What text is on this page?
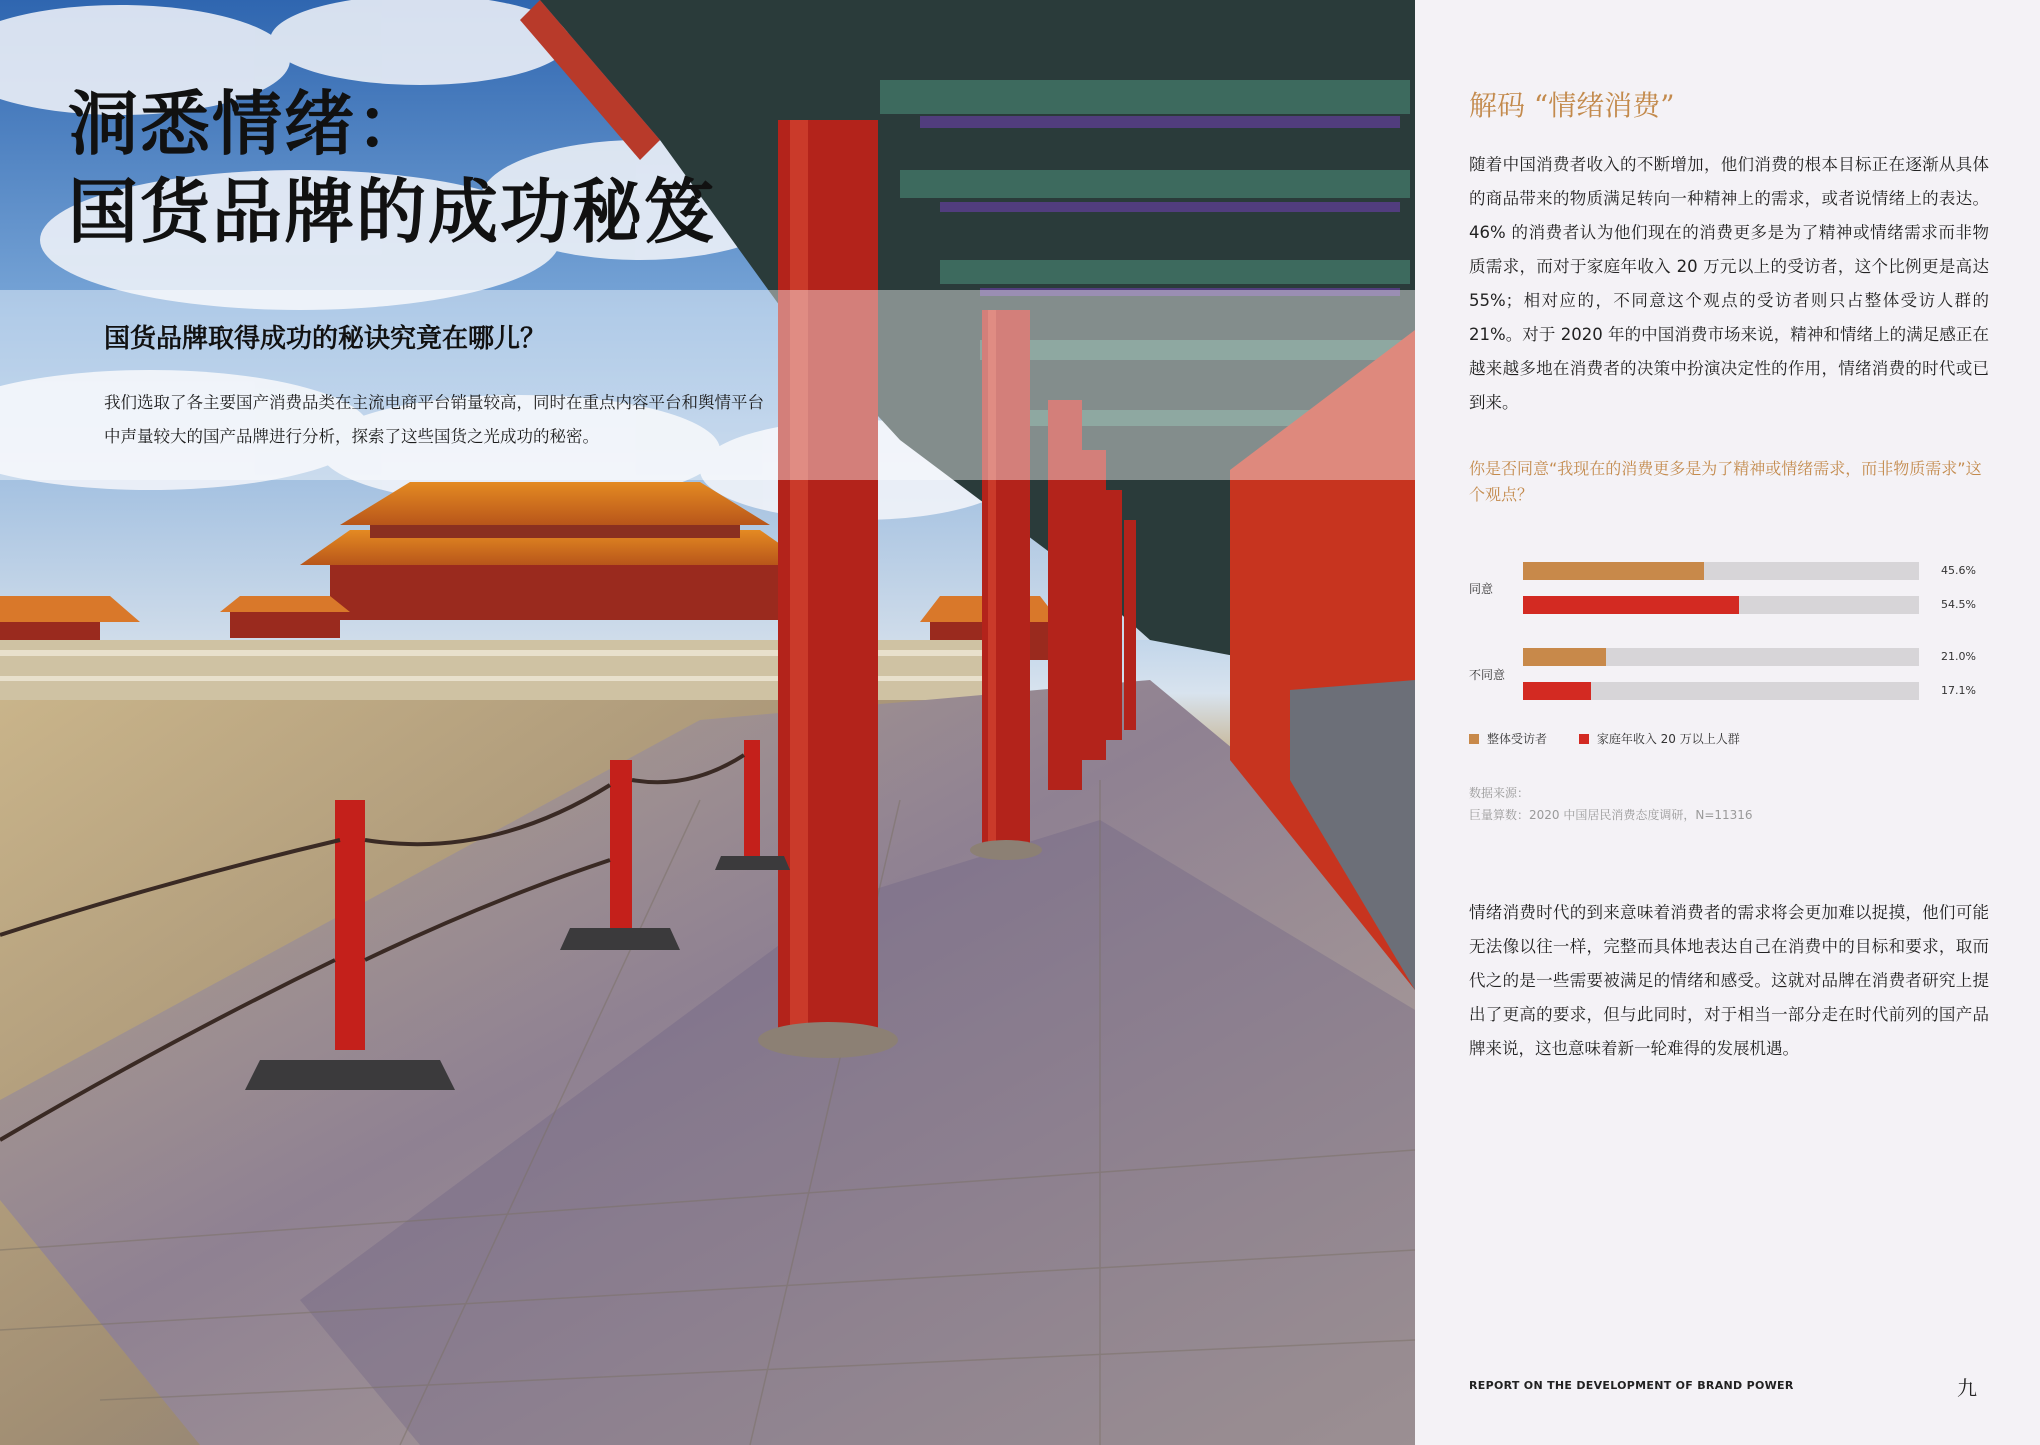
洞悉情绪：
国货品牌的成功秘笈
国货品牌取得成功的秘诀究竟在哪儿？
我们选取了各主要国产消费品类在主流电商平台销量较高，同时在重点内容平台和舆情平台中声量较大的国产品牌进行分析，探索了这些国货之光成功的秘密。
解码 “情绪消费”
随着中国消费者收入的不断增加，他们消费的根本目标正在逐渐从具体的商品带来的物质满足转向一种精神上的需求，或者说情绪上的表达。46% 的消费者认为他们现在的消费更多是为了精神或情绪需求而非物质需求，而对于家庭年收入 20 万元以上的受访者，这个比例更是高达 55%；相对应的，不同意这个观点的受访者则只占整体受访人群的 21%。对于 2020 年的中国消费市场来说，精神和情绪上的满足感正在越来越多地在消费者的决策中扮演决定性的作用，情绪消费的时代或已到来。
你是否同意“我现在的消费更多是为了精神或情绪需求，而非物质需求”这个观点？
同意
不同意
45.6%
54.5%
21.0%
17.1%
整体受访者	家庭年收入 20 万以上人群
数据来源：
巨量算数：2020 中国居民消费态度调研，N=11316
情绪消费时代的到来意味着消费者的需求将会更加难以捉摸，他们可能无法像以往一样，完整而具体地表达自己在消费中的目标和要求，取而代之的是一些需要被满足的情绪和感受。这就对品牌在消费者研究上提出了更高的要求，但与此同时，对于相当一部分走在时代前列的国产品牌来说，这也意味着新一轮难得的发展机遇。
REPORT ON THE DEVELOPMENT OF BRAND POWER	九
